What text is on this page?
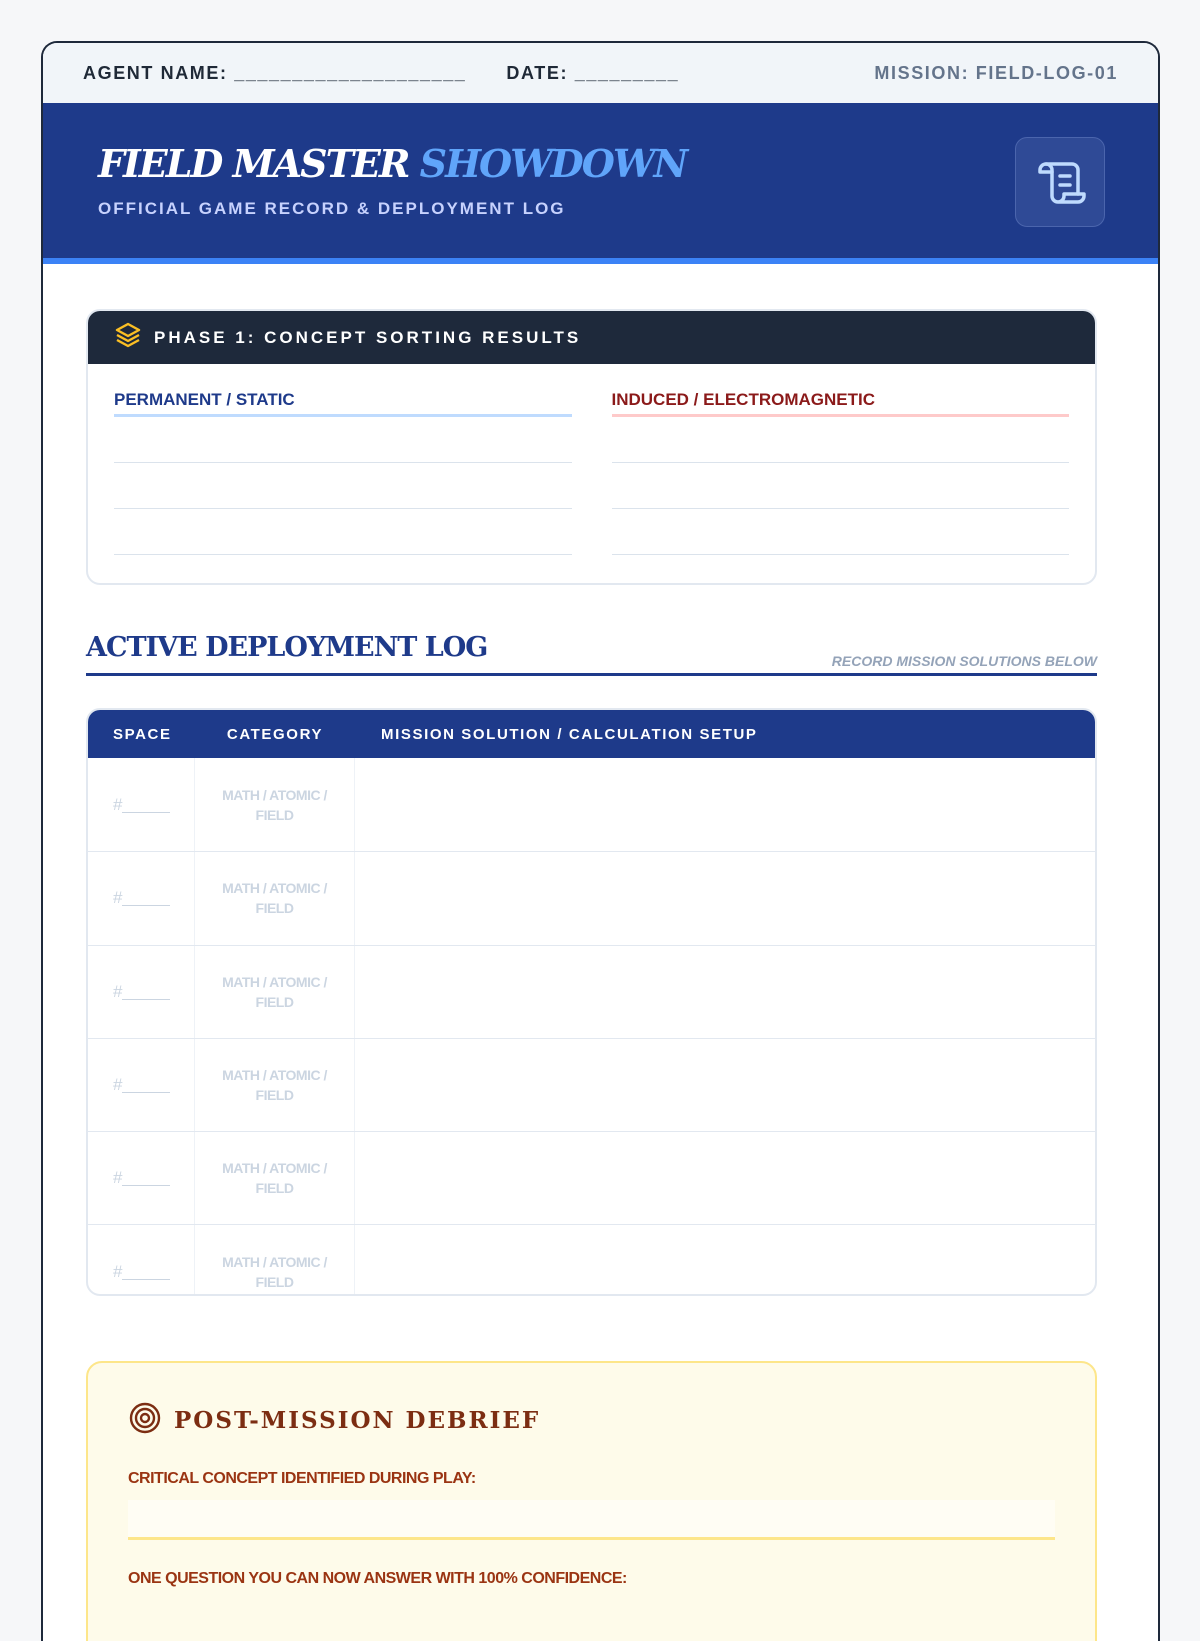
AGENT NAME: ____________________ DATE: _________	MISSION: FIELD-LOG-01
FIELD MASTER SHOWDOWN
OFFICIAL GAME RECORD & DEPLOYMENT LOG
PHASE 1: CONCEPT SORTING RESULTS
PERMANENT / STATIC	INDUCED / ELECTROMAGNETIC
ACTIVE DEPLOYMENT LOG	RECORD MISSION SOLUTIONS BELOW
SPACE	CATEGORY	MISSION SOLUTION / CALCULATION SETUP
#	MATH / ATOMIC / FIELD
#	MATH / ATOMIC / FIELD
#	MATH / ATOMIC / FIELD
#	MATH / ATOMIC / FIELD
#	MATH / ATOMIC / FIELD
#	MATH / ATOMIC / FIELD
POST-MISSION DEBRIEF
CRITICAL CONCEPT IDENTIFIED DURING PLAY:
ONE QUESTION YOU CAN NOW ANSWER WITH 100% CONFIDENCE:
